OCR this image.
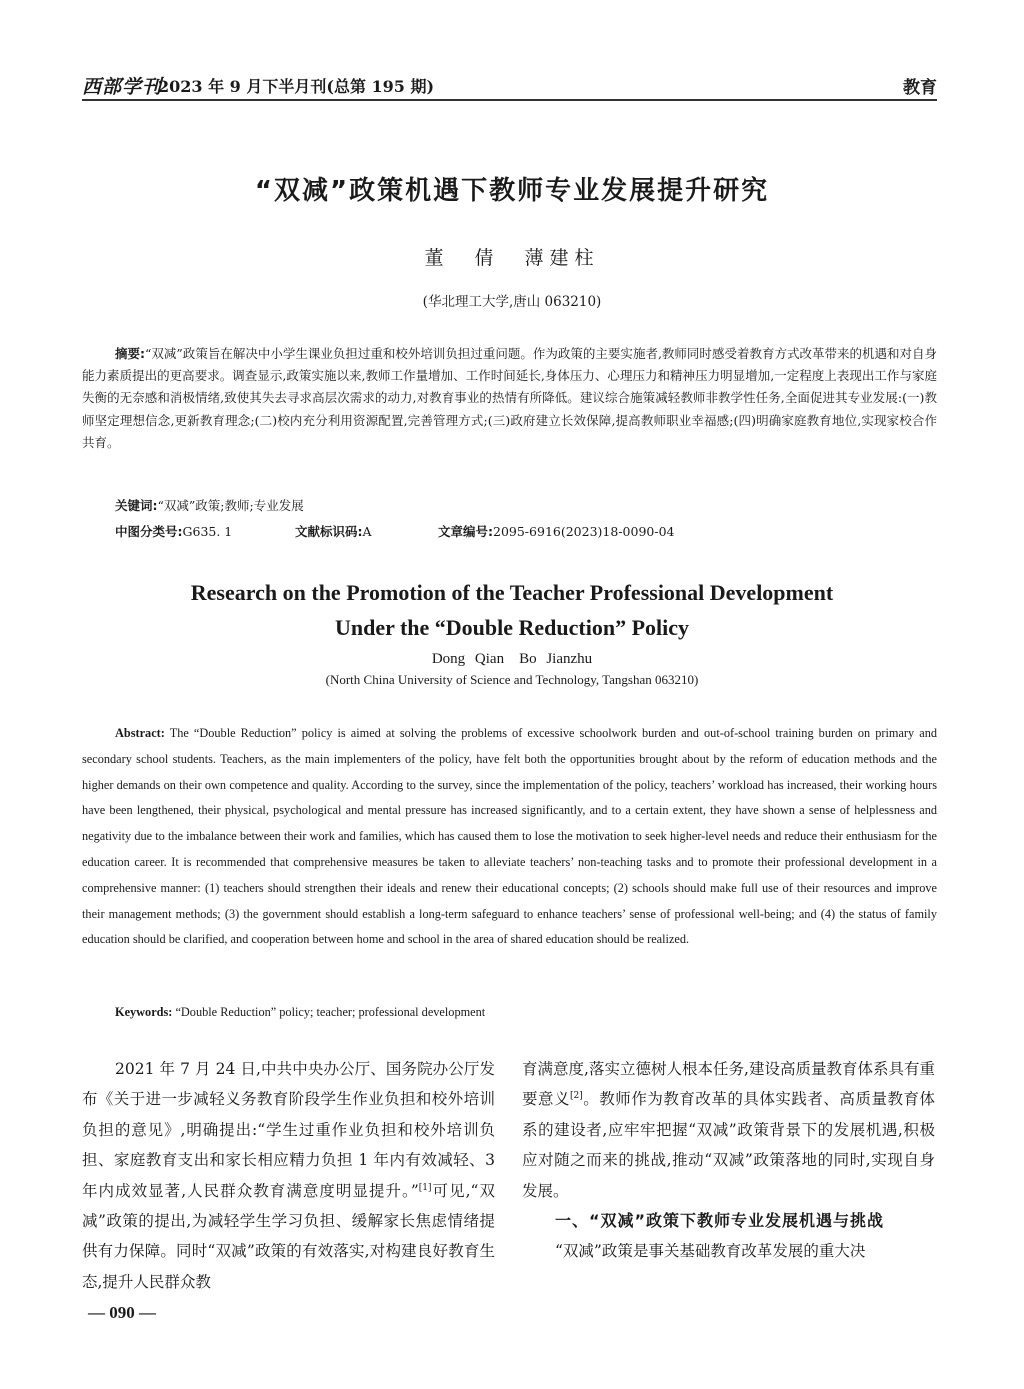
西部学刊
2023 年 9 月下半月刊(总第 195 期)	教育
“双减”政策机遇下教师专业发展提升研究
董　倩　薄建柱
(华北理工大学,唐山 063210)
摘要:“双减”政策旨在解决中小学生课业负担过重和校外培训负担过重问题。作为政策的主要实施者,教师同时感受着教育方式改革带来的机遇和对自身能力素质提出的更高要求。调查显示,政策实施以来,教师工作量增加、工作时间延长,身体压力、心理压力和精神压力明显增加,一定程度上表现出工作与家庭失衡的无奈感和消极情绪,致使其失去寻求高层次需求的动力,对教育事业的热情有所降低。建议综合施策减轻教师非教学性任务,全面促进其专业发展:(一)教师坚定理想信念,更新教育理念;(二)校内充分利用资源配置,完善管理方式;(三)政府建立长效保障,提高教师职业幸福感;(四)明确家庭教育地位,实现家校合作共育。
关键词:“双减”政策;教师;专业发展
中图分类号:G635. 1	文献标识码:A	文章编号:2095-6916(2023)18-0090-04
Research on the Promotion of the Teacher Professional Development
Under the “Double Reduction” Policy
Dong Qian　Bo Jianzhu
(North China University of Science and Technology, Tangshan 063210)
Abstract: The “Double Reduction” policy is aimed at solving the problems of excessive schoolwork burden and out-of-school training burden on primary and secondary school students. Teachers, as the main implementers of the policy, have felt both the opportunities brought about by the reform of education methods and the higher demands on their own competence and quality. According to the survey, since the implementation of the policy, teachers’ workload has increased, their working hours have been lengthened, their physical, psychological and mental pressure has increased significantly, and to a certain extent, they have shown a sense of helplessness and negativity due to the imbalance between their work and families, which has caused them to lose the motivation to seek higher-level needs and reduce their enthusiasm for the education career. It is recommended that comprehensive measures be taken to alleviate teachers’ non-teaching tasks and to promote their professional development in a comprehensive manner: (1) teachers should strengthen their ideals and renew their educational concepts; (2) schools should make full use of their resources and improve their management methods; (3) the government should establish a long-term safeguard to enhance teachers’ sense of professional well-being; and (4) the status of family education should be clarified, and cooperation between home and school in the area of shared education should be realized.
Keywords: “Double Reduction” policy; teacher; professional development

2021 年 7 月 24 日,中共中央办公厅、国务院办公厅发布《关于进一步减轻义务教育阶段学生作业负担和校外培训负担的意见》,明确提出:“学生过重作业负担和校外培训负担、家庭教育支出和家长相应精力负担 1 年内有效减轻、3 年内成效显著,人民群众教育满意度明显提升。”[1]可见,“双减”政策的提出,为减轻学生学习负担、缓解家长焦虑情绪提供有力保障。同时“双减”政策的有效落实,对构建良好教育生态,提升人民群众教

育满意度,落实立德树人根本任务,建设高质量教育体系具有重要意义[2]。教师作为教育改革的具体实践者、高质量教育体系的建设者,应牢牢把握“双减”政策背景下的发展机遇,积极应对随之而来的挑战,推动“双减”政策落地的同时,实现自身发展。

一、“双减”政策下教师专业发展机遇与挑战

“双减”政策是事关基础教育改革发展的重大决

— 090 —
